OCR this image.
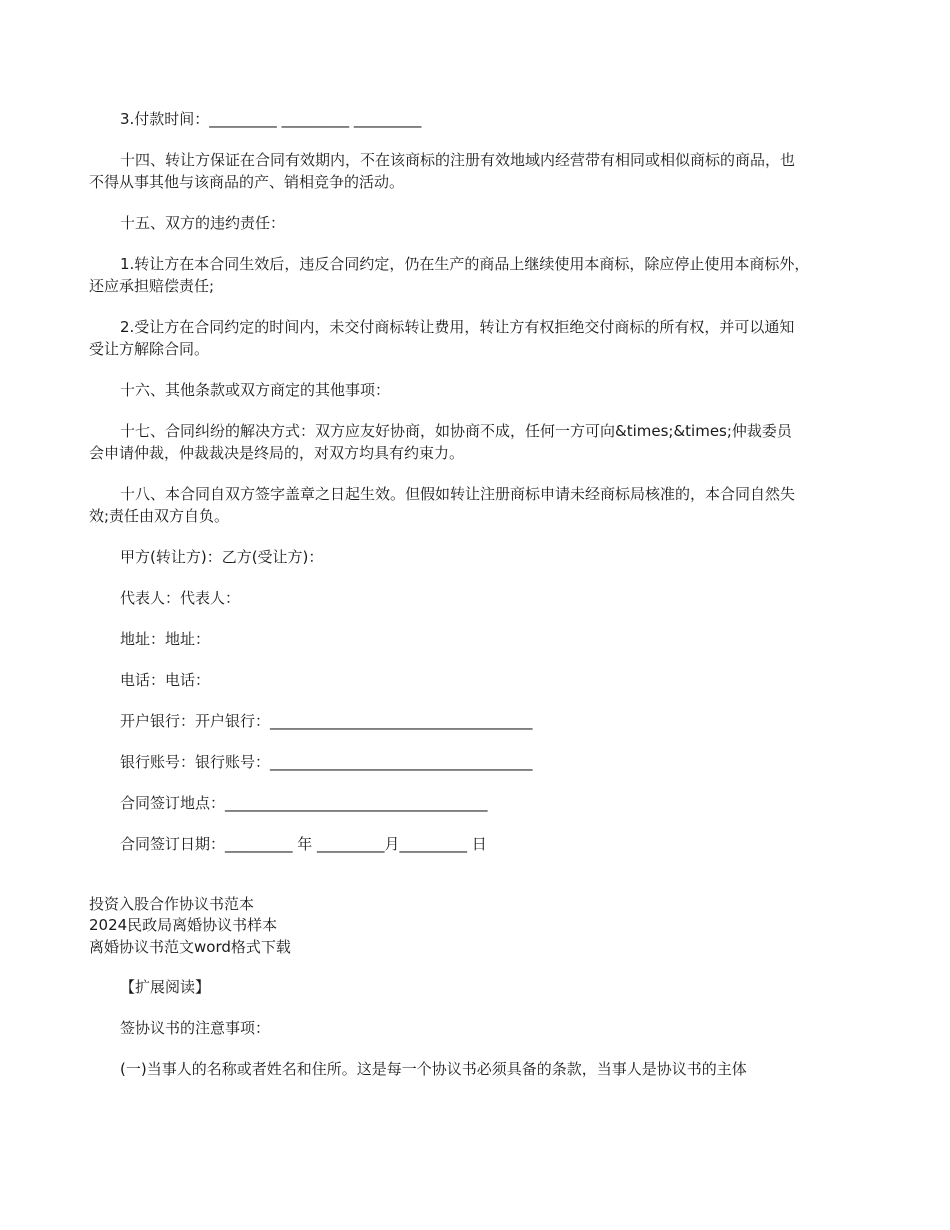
3.付款时间：_________ _________ _________
十四、转让方保证在合同有效期内，不在该商标的注册有效地域内经营带有相同或相似商标的商品，也
不得从事其他与该商品的产、销相竞争的活动。
十五、双方的违约责任：
1.转让方在本合同生效后，违反合同约定，仍在生产的商品上继续使用本商标，除应停止使用本商标外，
还应承担赔偿责任;
2.受让方在合同约定的时间内，未交付商标转让费用，转让方有权拒绝交付商标的所有权，并可以通知
受让方解除合同。
十六、其他条款或双方商定的其他事项：
十七、合同纠纷的解决方式：双方应友好协商，如协商不成，任何一方可向&times;&times;仲裁委员
会申请仲裁，仲裁裁决是终局的，对双方均具有约束力。
十八、本合同自双方签字盖章之日起生效。但假如转让注册商标申请未经商标局核准的，本合同自然失
效;责任由双方自负。
甲方(转让方)：乙方(受让方)：
代表人：代表人：
地址：地址：
电话：电话：
开户银行：开户银行：___________________________________
银行账号：银行账号：___________________________________
合同签订地点：___________________________________
合同签订日期：_________ 年 _________月_________ 日
投资入股合作协议书范本
2024民政局离婚协议书样本
离婚协议书范文word格式下载
【扩展阅读】
签协议书的注意事项：
(一)当事人的名称或者姓名和住所。这是每一个协议书必须具备的条款，当事人是协议书的主体
